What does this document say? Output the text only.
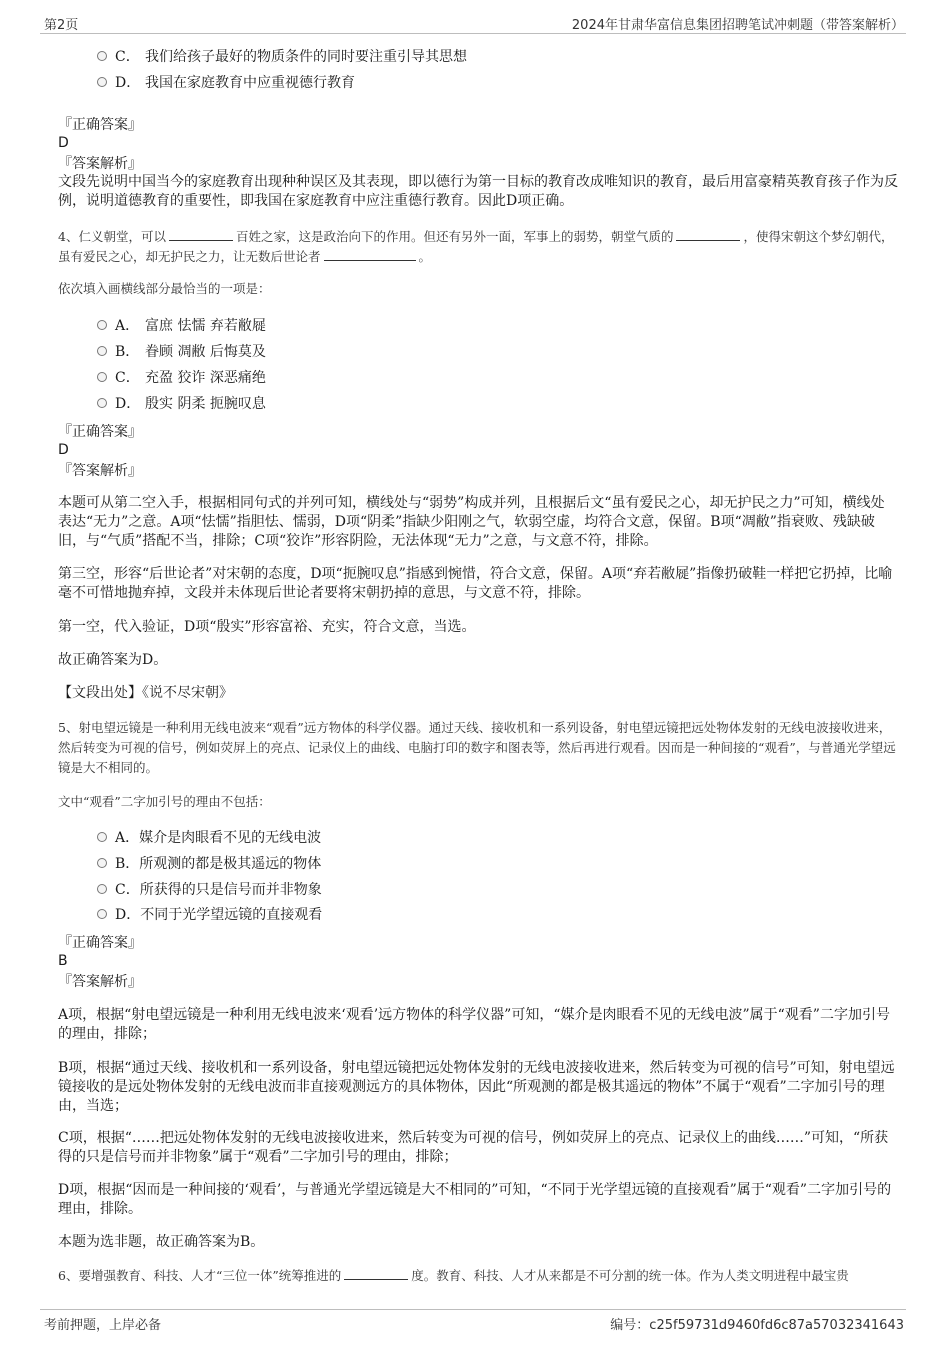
第2页	2024年甘肃华富信息集团招聘笔试冲刺题（带答案解析）
C． 我们给孩子最好的物质条件的同时要注重引导其思想
D． 我国在家庭教育中应重视德行教育
『正确答案』
D
『答案解析』

文段先说明中国当今的家庭教育出现种种误区及其表现，即以德行为第一目标的教育改成唯知识的教育，最后用富豪精英教育孩子作为反例，说明道德教育的重要性，即我国在家庭教育中应注重德行教育。因此D项正确。

4、仁义朝堂，可以	百姓之家，这是政治向下的作用。但还有另外一面，军事上的弱势，朝堂气质的	，使得宋朝这个梦幻朝代，虽有爱民之心，却无护民之力，让无数后世论者	。

依次填入画横线部分最恰当的一项是：

A． 富庶 怯懦 弃若敝屣
B． 眷顾 凋敝 后悔莫及
C． 充盈 狡诈 深恶痛绝
D． 殷实 阴柔 扼腕叹息
『正确答案』
D
『答案解析』

本题可从第二空入手，根据相同句式的并列可知，横线处与“弱势”构成并列，且根据后文“虽有爱民之心，却无护民之力”可知，横线处表达“无力”之意。A项“怯懦”指胆怯、懦弱，D项“阴柔”指缺少阳刚之气，软弱空虚，均符合文意，保留。B项“凋敝”指衰败、残缺破旧，与“气质”搭配不当，排除；C项“狡诈”形容阴险，无法体现“无力”之意，与文意不符，排除。

第三空，形容“后世论者”对宋朝的态度，D项“扼腕叹息”指感到惋惜，符合文意，保留。A项“弃若敝屣”指像扔破鞋一样把它扔掉，比喻毫不可惜地抛弃掉，文段并未体现后世论者要将宋朝扔掉的意思，与文意不符，排除。

第一空，代入验证，D项“殷实”形容富裕、充实，符合文意，当选。

故正确答案为D。

【文段出处】《说不尽宋朝》

5、射电望远镜是一种利用无线电波来“观看”远方物体的科学仪器。通过天线、接收机和一系列设备，射电望远镜把远处物体发射的无线电波接收进来，然后转变为可视的信号，例如荧屏上的亮点、记录仪上的曲线、电脑打印的数字和图表等，然后再进行观看。因而是一种间接的“观看”，与普通光学望远镜是大不相同的。

文中“观看”二字加引号的理由不包括：

A．媒介是肉眼看不见的无线电波
B．所观测的都是极其遥远的物体
C．所获得的只是信号而并非物象
D．不同于光学望远镜的直接观看
『正确答案』
B
『答案解析』

A项，根据“射电望远镜是一种利用无线电波来‘观看’远方物体的科学仪器”可知，“媒介是肉眼看不见的无线电波”属于“观看”二字加引号的理由，排除；

B项，根据“通过天线、接收机和一系列设备，射电望远镜把远处物体发射的无线电波接收进来，然后转变为可视的信号”可知，射电望远镜接收的是远处物体发射的无线电波而非直接观测远方的具体物体，因此“所观测的都是极其遥远的物体”不属于“观看”二字加引号的理由，当选；

C项，根据“……把远处物体发射的无线电波接收进来，然后转变为可视的信号，例如荧屏上的亮点、记录仪上的曲线……”可知，“所获得的只是信号而并非物象”属于“观看”二字加引号的理由，排除；

D项，根据“因而是一种间接的‘观看’，与普通光学望远镜是大不相同的”可知，“不同于光学望远镜的直接观看”属于“观看”二字加引号的理由，排除。

本题为选非题，故正确答案为B。

6、要增强教育、科技、人才“三位一体”统筹推进的	度。教育、科技、人才从来都是不可分割的统一体。作为人类文明进程中最宝贵

考前押题，上岸必备	编号：c25f59731d9460fd6c87a57032341643
